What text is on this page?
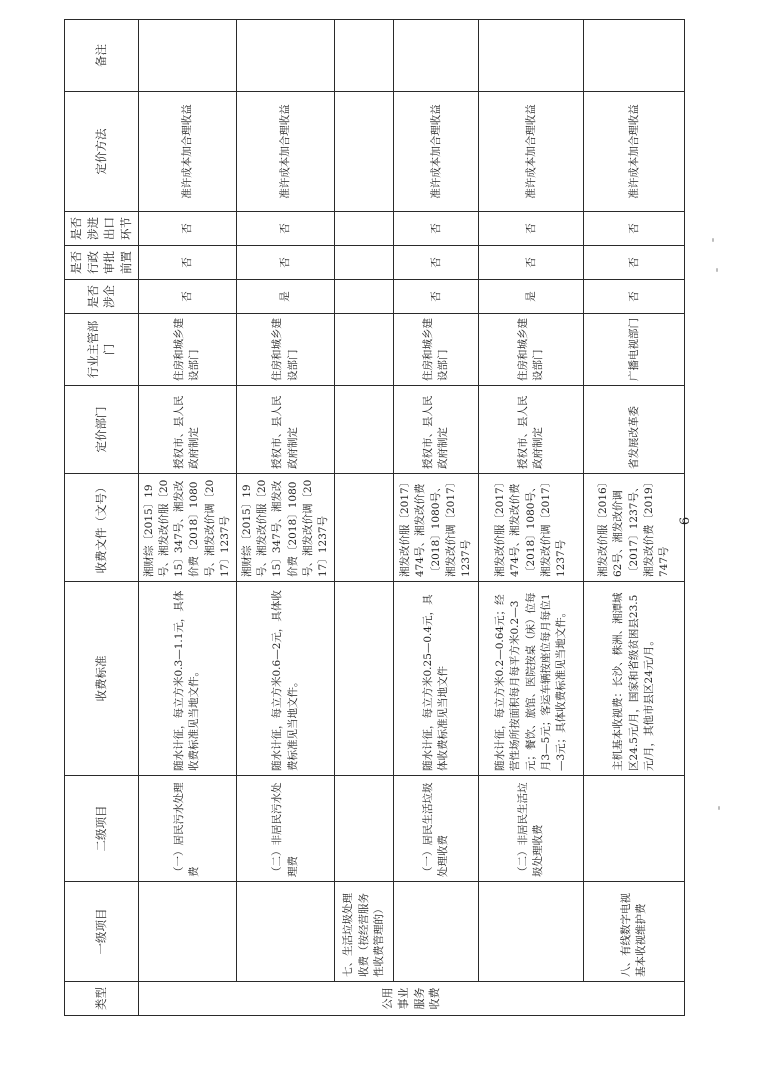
类型	一级项目	二级项目	收费标准	收费文件（文号）	定价部门	行业主管部门	是否涉企	是否行政审批前置	是否涉进出口环节	定价方法	备注
公用事业服务收费		（一）居民污水处理费	随水计征，每立方米0.3—1.1元，具体收费标准见当地文件。	湘财综〔2015〕19号、湘发改价服〔2015〕347号、湘发改价费〔2018〕1080号、湘发改价调〔2017〕1237号	授权市、县人民政府制定	住房和城乡建设部门	否	否	否	准许成本加合理收益	
		（二）非居民污水处理费	随水计征，每立方米0.6—2元，具体收费标准见当地文件。	湘财综〔2015〕19号、湘发改价服〔2015〕347号、湘发改价费〔2018〕1080号、湘发改价调〔2017〕1237号	授权市、县人民政府制定	住房和城乡建设部门	是	否	否	准许成本加合理收益	
	七、生活垃圾处理收费（按经营服务性收费管理的）										
		（一）居民生活垃圾处理收费	随水计征，每立方米0.25—0.4元，具体收费标准见当地文件	湘发改价服〔2017〕474号、湘发改价费〔2018〕1080号、湘发改价调〔2017〕1237号	授权市、县人民政府制定	住房和城乡建设部门	否	否	否	准许成本加合理收益	
		（二）非居民生活垃圾处理收费	随水计征，每立方米0.2—0.64元；经营性场所按面积每月每平方米0.2—3元；餐饮、旅馆、医院按桌（床）位每月3—5元；客运车辆按座位每月每位1—3元；具体收费标准见当地文件。	湘发改价服〔2017〕474号、湘发改价费〔2018〕1080号、湘发改价调〔2017〕1237号	授权市、县人民政府制定	住房和城乡建设部门	是	否	否	准许成本加合理收益	
	八、有线数字电视基本收视维护费		主机基本收视费：长沙、株洲、湘潭城区24.5元/月，国家和省级贫困县23.5元/月，其他市县区24元/月。	湘发改价服〔2016〕62号、湘发改价调〔2017〕1237号、湘发改价费〔2019〕747号	省发展改革委	广播电视部门	否	否	否	准许成本加合理收益	
6
